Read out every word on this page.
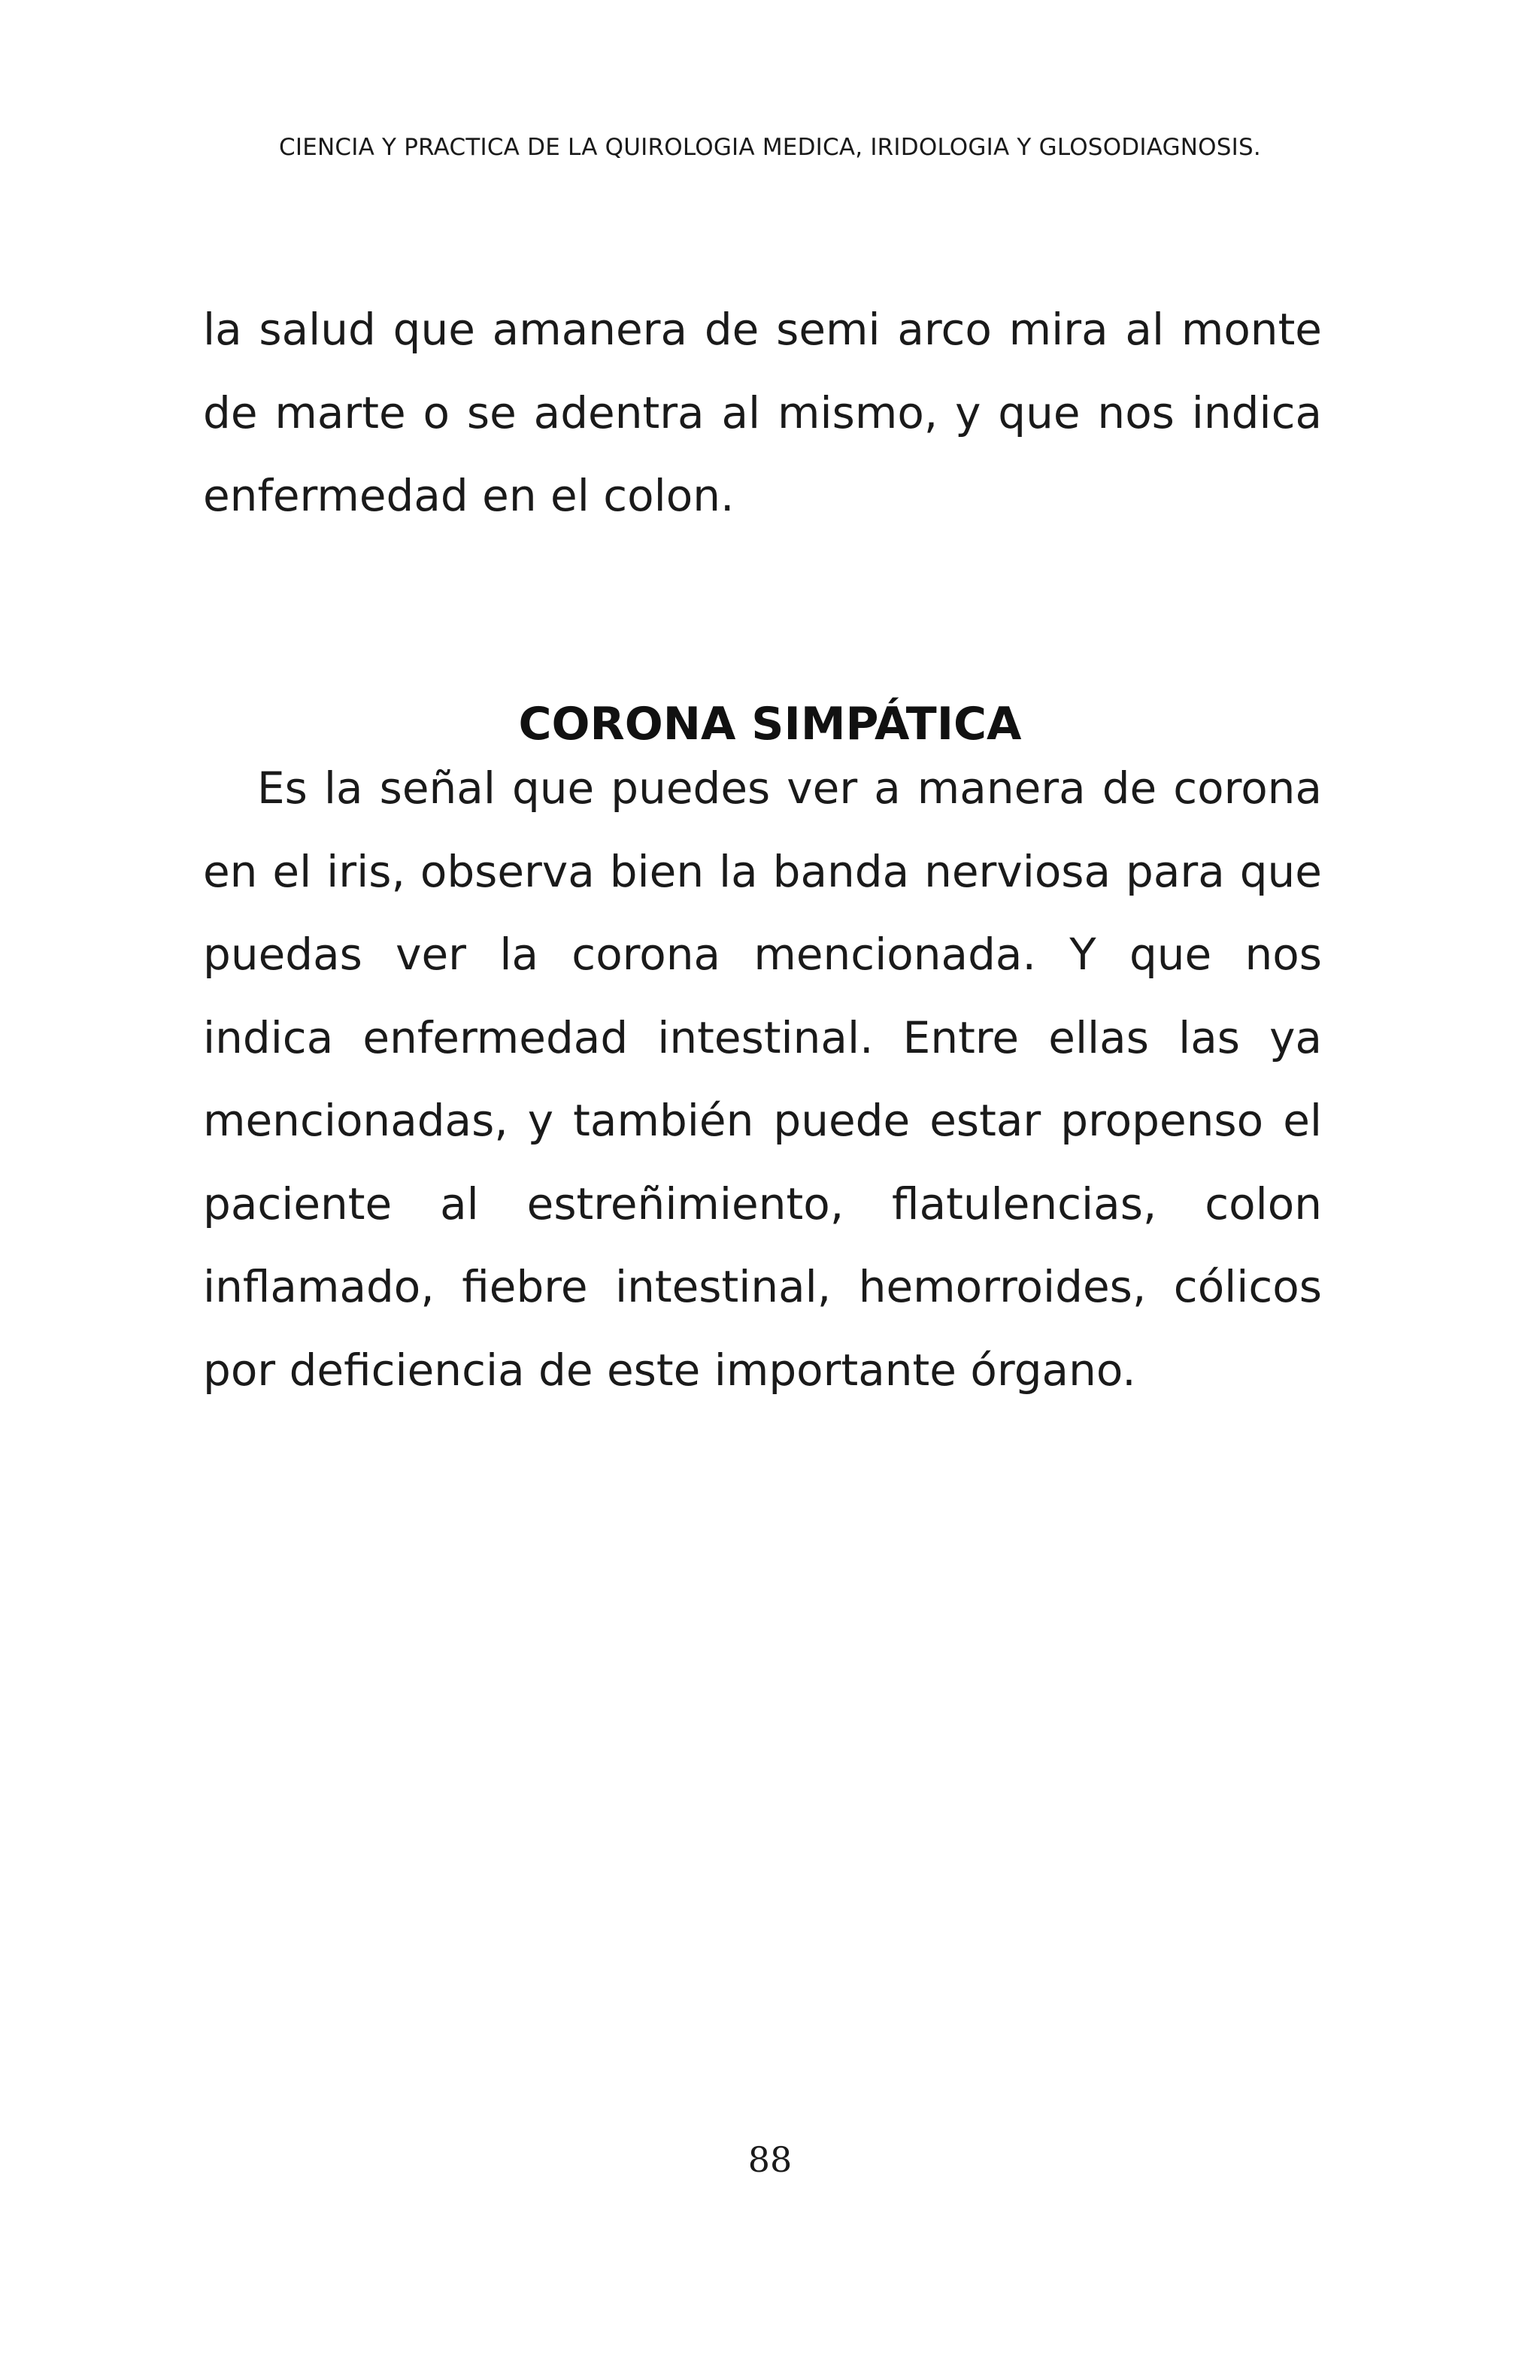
CIENCIA Y PRACTICA DE LA QUIROLOGIA MEDICA, IRIDOLOGIA Y GLOSODIAGNOSIS.

la salud que amanera de semi arco mira al monte de marte o se adentra al mismo, y que nos indica enfermedad en el colon.

CORONA SIMPÁTICA

Es la señal que puedes ver a manera de corona en el iris, observa bien la banda nerviosa para que puedas ver la corona mencionada. Y que nos indica enfermedad intestinal. Entre ellas las ya mencionadas, y también puede estar propenso el paciente al estreñimiento, flatulencias, colon inflamado, fiebre intestinal, hemorroides, cólicos por deficiencia de este importante órgano.

88
